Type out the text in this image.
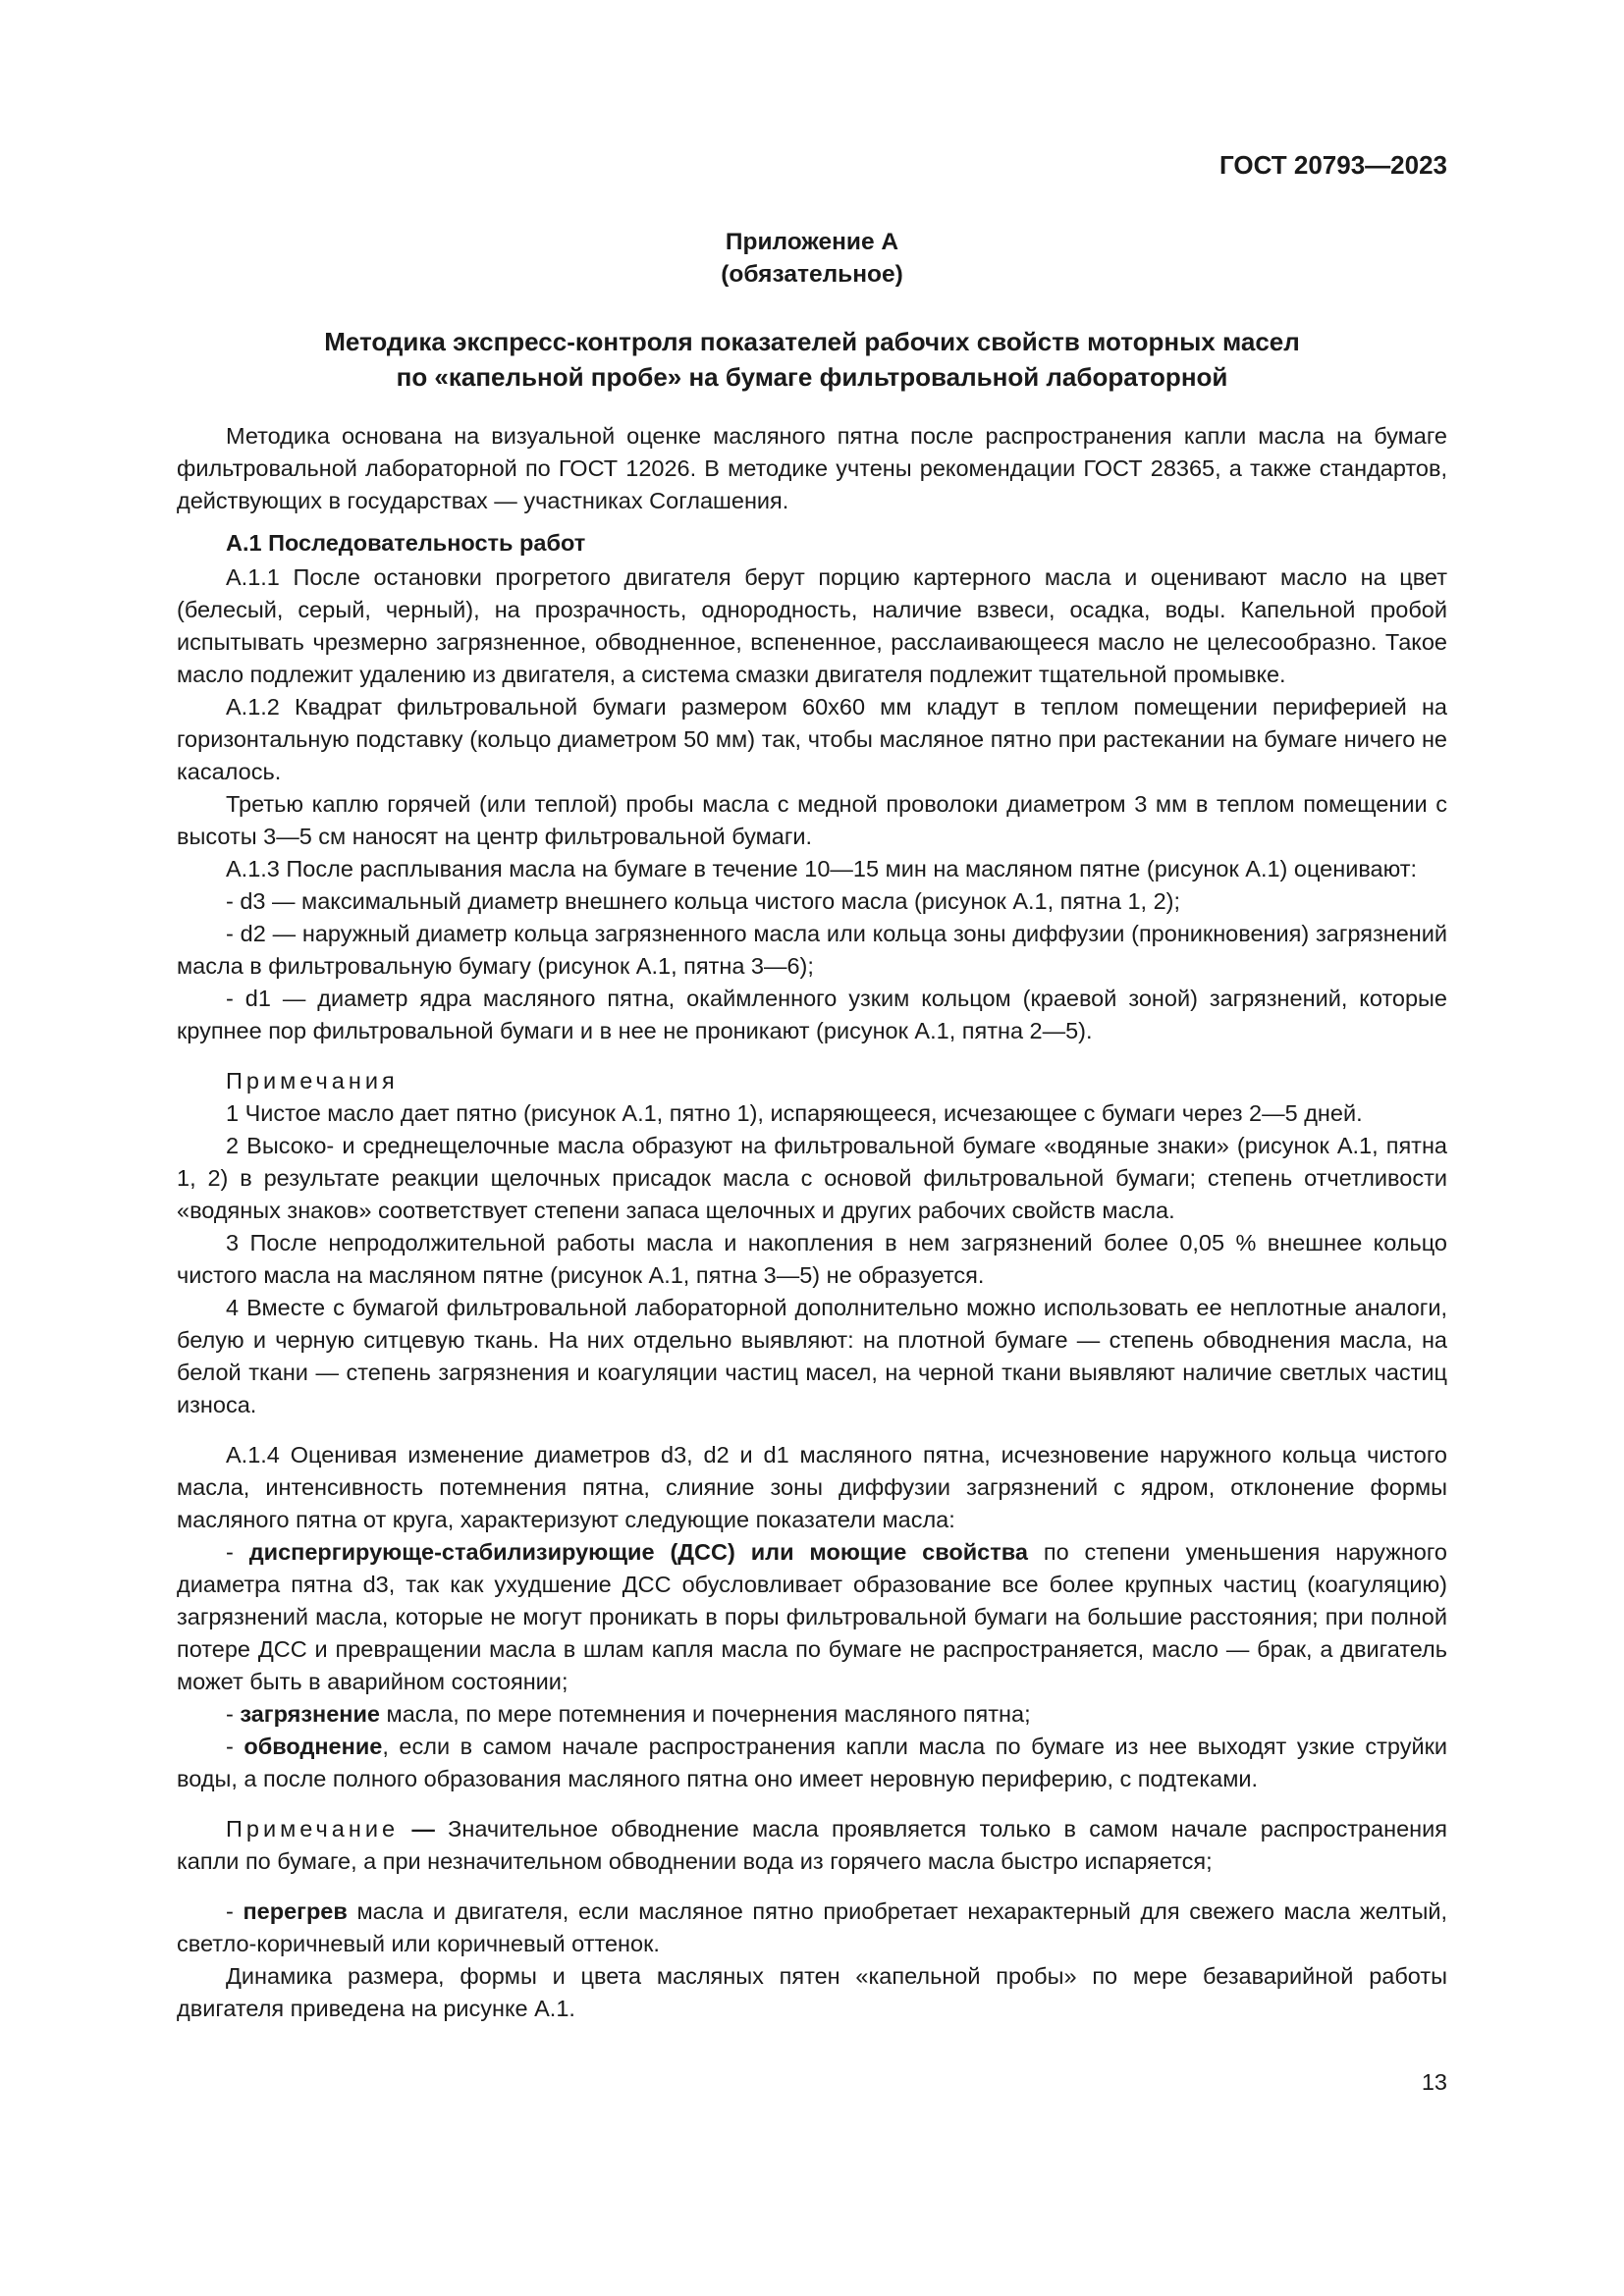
ГОСТ 20793—2023
Приложение А
(обязательное)
Методика экспресс-контроля показателей рабочих свойств моторных масел
по «капельной пробе» на бумаге фильтровальной лабораторной

Методика основана на визуальной оценке масляного пятна после распространения капли масла на бумаге фильтровальной лабораторной по ГОСТ 12026. В методике учтены рекомендации ГОСТ 28365, а также стандартов, действующих в государствах — участниках Соглашения.

А.1 Последовательность работ

А.1.1 После остановки прогретого двигателя берут порцию картерного масла и оценивают масло на цвет (белесый, серый, черный), на прозрачность, однородность, наличие взвеси, осадка, воды. Капельной пробой испытывать чрезмерно загрязненное, обводненное, вспененное, расслаивающееся масло не целесообразно. Такое масло подлежит удалению из двигателя, а система смазки двигателя подлежит тщательной промывке.

А.1.2 Квадрат фильтровальной бумаги размером 60х60 мм кладут в теплом помещении периферией на горизонтальную подставку (кольцо диаметром 50 мм) так, чтобы масляное пятно при растекании на бумаге ничего не касалось.

Третью каплю горячей (или теплой) пробы масла с медной проволоки диаметром 3 мм в теплом помещении с высоты 3—5 см наносят на центр фильтровальной бумаги.

А.1.3 После расплывания масла на бумаге в течение 10—15 мин на масляном пятне (рисунок А.1) оценивают:

- d3 — максимальный диаметр внешнего кольца чистого масла (рисунок А.1, пятна 1, 2);

- d2 — наружный диаметр кольца загрязненного масла или кольца зоны диффузии (проникновения) загрязнений масла в фильтровальную бумагу (рисунок А.1, пятна 3—6);

- d1 — диаметр ядра масляного пятна, окаймленного узким кольцом (краевой зоной) загрязнений, которые крупнее пор фильтровальной бумаги и в нее не проникают (рисунок А.1, пятна 2—5).

Примечания

1 Чистое масло дает пятно (рисунок А.1, пятно 1), испаряющееся, исчезающее с бумаги через 2—5 дней.

2 Высоко- и среднещелочные масла образуют на фильтровальной бумаге «водяные знаки» (рисунок А.1, пятна 1, 2) в результате реакции щелочных присадок масла с основой фильтровальной бумаги; степень отчетливости «водяных знаков» соответствует степени запаса щелочных и других рабочих свойств масла.

3 После непродолжительной работы масла и накопления в нем загрязнений более 0,05 % внешнее кольцо чистого масла на масляном пятне (рисунок А.1, пятна 3—5) не образуется.

4 Вместе с бумагой фильтровальной лабораторной дополнительно можно использовать ее неплотные аналоги, белую и черную ситцевую ткань. На них отдельно выявляют: на плотной бумаге — степень обводнения масла, на белой ткани — степень загрязнения и коагуляции частиц масел, на черной ткани выявляют наличие светлых частиц износа.

А.1.4 Оценивая изменение диаметров d3, d2 и d1 масляного пятна, исчезновение наружного кольца чистого масла, интенсивность потемнения пятна, слияние зоны диффузии загрязнений с ядром, отклонение формы масляного пятна от круга, характеризуют следующие показатели масла:

- диспергирующе-стабилизирующие (ДСС) или моющие свойства по степени уменьшения наружного диаметра пятна d3, так как ухудшение ДСС обусловливает образование все более крупных частиц (коагуляцию) загрязнений масла, которые не могут проникать в поры фильтровальной бумаги на большие расстояния; при полной потере ДСС и превращении масла в шлам капля масла по бумаге не распространяется, масло — брак, а двигатель может быть в аварийном состоянии;

- загрязнение масла, по мере потемнения и почернения масляного пятна;

- обводнение, если в самом начале распространения капли масла по бумаге из нее выходят узкие струйки воды, а после полного образования масляного пятна оно имеет неровную периферию, с подтеками.

Примечание — Значительное обводнение масла проявляется только в самом начале распространения капли по бумаге, а при незначительном обводнении вода из горячего масла быстро испаряется;

- перегрев масла и двигателя, если масляное пятно приобретает нехарактерный для свежего масла желтый, светло-коричневый или коричневый оттенок.

Динамика размера, формы и цвета масляных пятен «капельной пробы» по мере безаварийной работы двигателя приведена на рисунке А.1.

13
